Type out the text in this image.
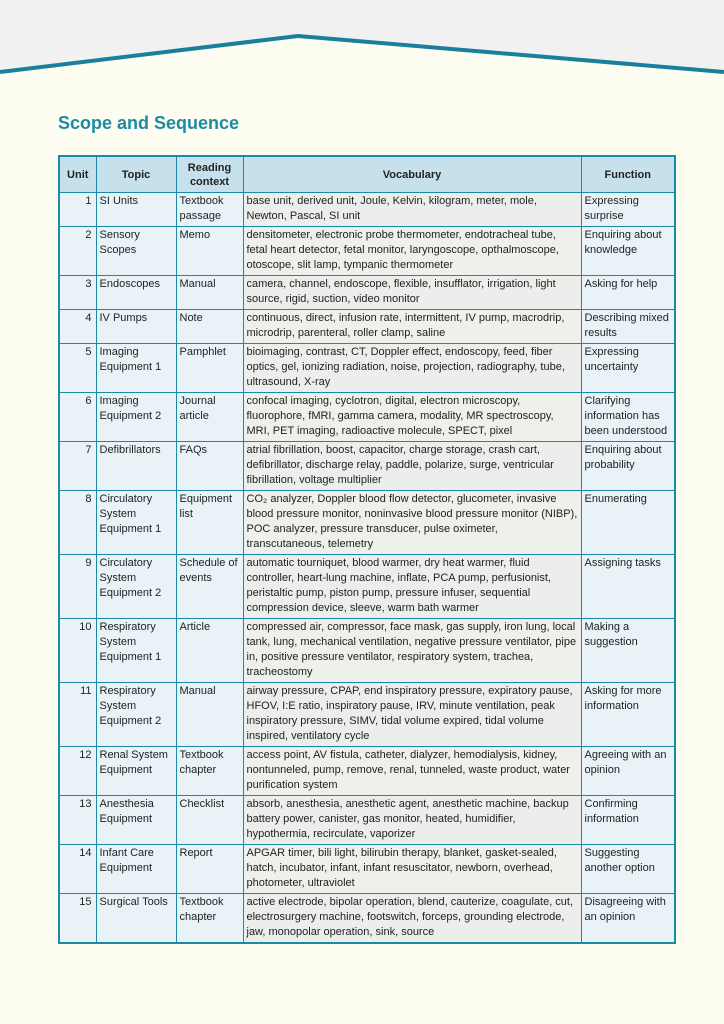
Scope and Sequence
Unit	Topic	Reading context	Vocabulary	Function
1	SI Units	Textbook passage	base unit, derived unit, Joule, Kelvin, kilogram, meter, mole, Newton, Pascal, SI unit	Expressing surprise
2	Sensory Scopes	Memo	densitometer, electronic probe thermometer, endotracheal tube, fetal heart detector, fetal monitor, laryngoscope, opthalmoscope, otoscope, slit lamp, tympanic thermometer	Enquiring about knowledge
3	Endoscopes	Manual	camera, channel, endoscope, flexible, insufflator, irrigation, light source, rigid, suction, video monitor	Asking for help
4	IV Pumps	Note	continuous, direct, infusion rate, intermittent, IV pump, macrodrip, microdrip, parenteral, roller clamp, saline	Describing mixed results
5	Imaging Equipment 1	Pamphlet	bioimaging, contrast, CT, Doppler effect, endoscopy, feed, fiber optics, gel, ionizing radiation, noise, projection, radiography, tube, ultrasound, X-ray	Expressing uncertainty
6	Imaging Equipment 2	Journal article	confocal imaging, cyclotron, digital, electron microscopy, fluorophore, fMRI, gamma camera, modality, MR spectroscopy, MRI, PET imaging, radioactive molecule, SPECT, pixel	Clarifying information has been understood
7	Defibrillators	FAQs	atrial fibrillation, boost, capacitor, charge storage, crash cart, defibrillator, discharge relay, paddle, polarize, surge, ventricular fibrillation, voltage multiplier	Enquiring about probability
8	Circulatory System Equipment 1	Equipment list	CO₂ analyzer, Doppler blood flow detector, glucometer, invasive blood pressure monitor, noninvasive blood pressure monitor (NIBP), POC analyzer, pressure transducer, pulse oximeter, transcutaneous, telemetry	Enumerating
9	Circulatory System Equipment 2	Schedule of events	automatic tourniquet, blood warmer, dry heat warmer, fluid controller, heart-lung machine, inflate, PCA pump, perfusionist, peristaltic pump, piston pump, pressure infuser, sequential compression device, sleeve, warm bath warmer	Assigning tasks
10	Respiratory System Equipment 1	Article	compressed air, compressor, face mask, gas supply, iron lung, local tank, lung, mechanical ventilation, negative pressure ventilator, pipe in, positive pressure ventilator, respiratory system, trachea, tracheostomy	Making a suggestion
11	Respiratory System Equipment 2	Manual	airway pressure, CPAP, end inspiratory pressure, expiratory pause, HFOV, I:E ratio, inspiratory pause, IRV, minute ventilation, peak inspiratory pressure, SIMV, tidal volume expired, tidal volume inspired, ventilatory cycle	Asking for more information
12	Renal System Equipment	Textbook chapter	access point, AV fistula, catheter, dialyzer, hemodialysis, kidney, nontunneled, pump, remove, renal, tunneled, waste product, water purification system	Agreeing with an opinion
13	Anesthesia Equipment	Checklist	absorb, anesthesia, anesthetic agent, anesthetic machine, backup battery power, canister, gas monitor, heated, humidifier, hypothermia, recirculate, vaporizer	Confirming information
14	Infant Care Equipment	Report	APGAR timer, bili light, bilirubin therapy, blanket, gasket-sealed, hatch, incubator, infant, infant resuscitator, newborn, overhead, photometer, ultraviolet	Suggesting another option
15	Surgical Tools	Textbook chapter	active electrode, bipolar operation, blend, cauterize, coagulate, cut, electrosurgery machine, footswitch, forceps, grounding electrode, jaw, monopolar operation, sink, source	Disagreeing with an opinion
